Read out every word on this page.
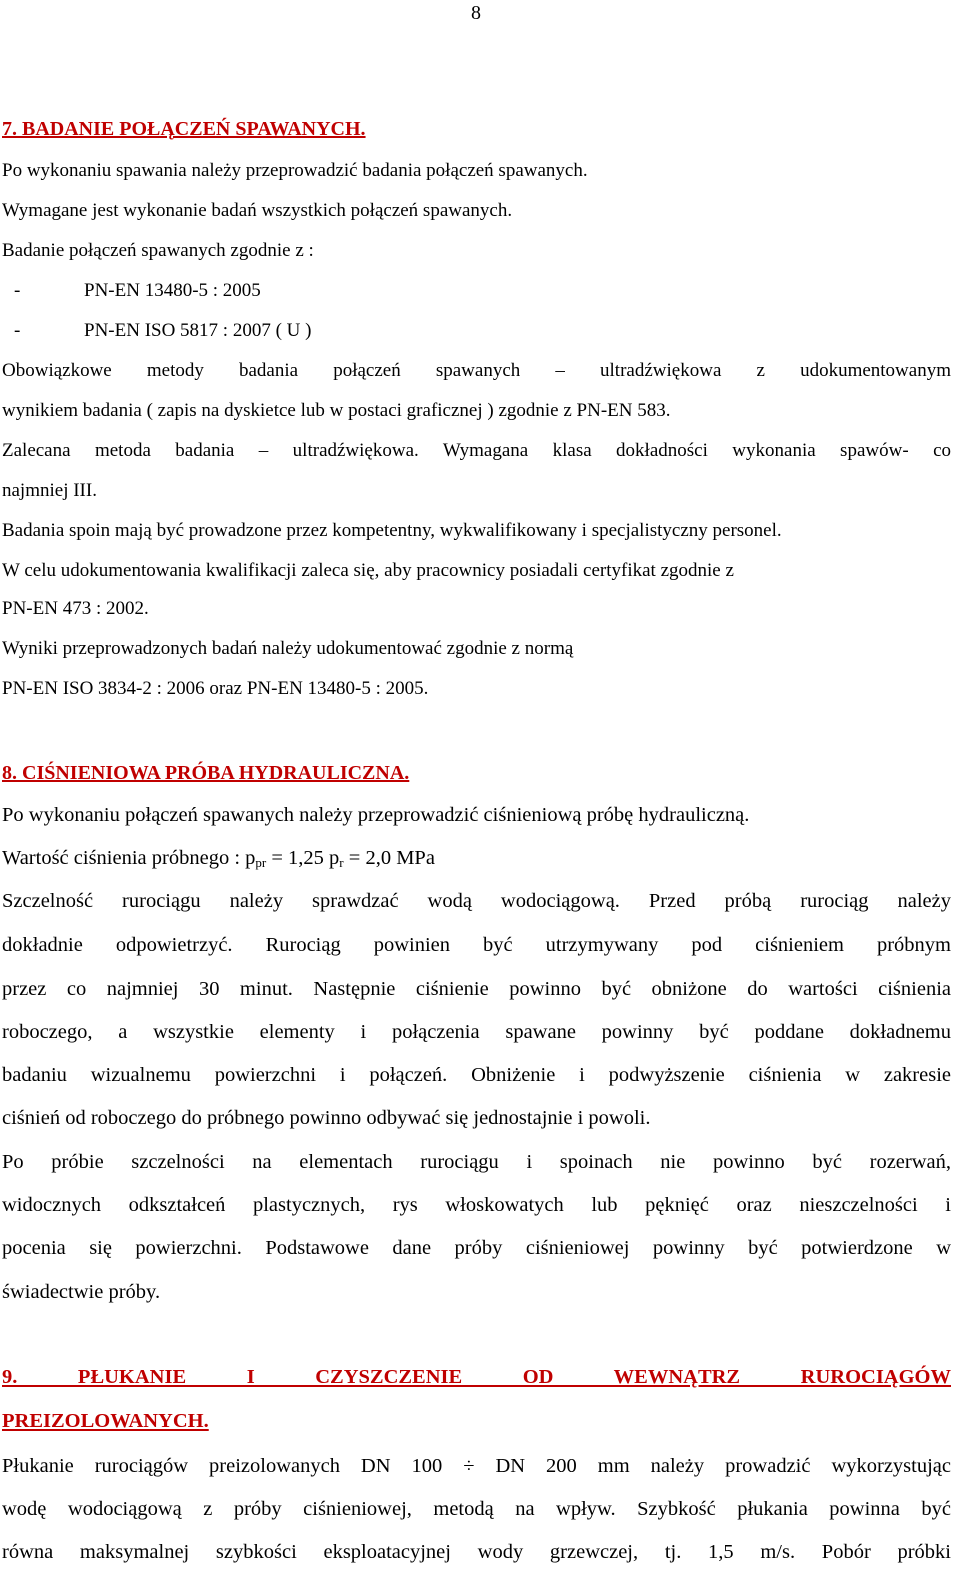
8
7. BADANIE POŁĄCZEŃ SPAWANYCH.
Po wykonaniu spawania należy przeprowadzić badania połączeń spawanych.
Wymagane jest wykonanie badań wszystkich połączeń spawanych.
Badanie połączeń spawanych zgodnie z :
-	PN-EN 13480-5 : 2005
-	PN-EN ISO 5817 : 2007 ( U )
Obowiązkowe metody badania połączeń spawanych – ultradźwiękowa z udokumentowanym
wynikiem badania ( zapis na dyskietce lub w postaci graficznej ) zgodnie z PN-EN 583.
Zalecana metoda badania – ultradźwiękowa. Wymagana klasa dokładności wykonania spawów- co
najmniej III.
Badania spoin mają być prowadzone przez kompetentny, wykwalifikowany i specjalistyczny personel.
W celu udokumentowania kwalifikacji zaleca się, aby pracownicy posiadali certyfikat zgodnie z
PN-EN 473 : 2002.
Wyniki przeprowadzonych badań należy udokumentować zgodnie z normą
PN-EN ISO 3834-2 : 2006 oraz PN-EN 13480-5 : 2005.
8. CIŚNIENIOWA PRÓBA HYDRAULICZNA.
Po wykonaniu połączeń spawanych należy przeprowadzić ciśnieniową próbę hydrauliczną.
Wartość ciśnienia próbnego : $p_{pr} = 1,25$ $p_r = 2,0$ MPa
Szczelność rurociągu należy sprawdzać wodą wodociągową. Przed próbą rurociąg należy
dokładnie odpowietrzyć. Rurociąg powinien być utrzymywany pod ciśnieniem próbnym
przez co najmniej 30 minut. Następnie ciśnienie powinno być obniżone do wartości ciśnienia
roboczego, a wszystkie elementy i połączenia spawane powinny być poddane dokładnemu
badaniu wizualnemu powierzchni i połączeń. Obniżenie i podwyższenie ciśnienia w zakresie
ciśnień od roboczego do próbnego powinno odbywać się jednostajnie i powoli.
Po próbie szczelności na elementach rurociągu i spoinach nie powinno być rozerwań,
widocznych odkształceń plastycznych, rys włoskowatych lub pęknięć oraz nieszczelności i
pocenia się powierzchni. Podstawowe dane próby ciśnieniowej powinny być potwierdzone w
świadectwie próby.
9. PŁUKANIE I CZYSZCZENIE OD WEWNĄTRZ RUROCIĄGÓW
PREIZOLOWANYCH.
Płukanie rurociągów preizolowanych DN 100 ÷ DN 200 mm należy prowadzić wykorzystując
wodę wodociągową z próby ciśnieniowej, metodą na wpływ. Szybkość płukania powinna być
równa maksymalnej szybkości eksploatacyjnej wody grzewczej, tj. 1,5 m/s. Pobór próbki
